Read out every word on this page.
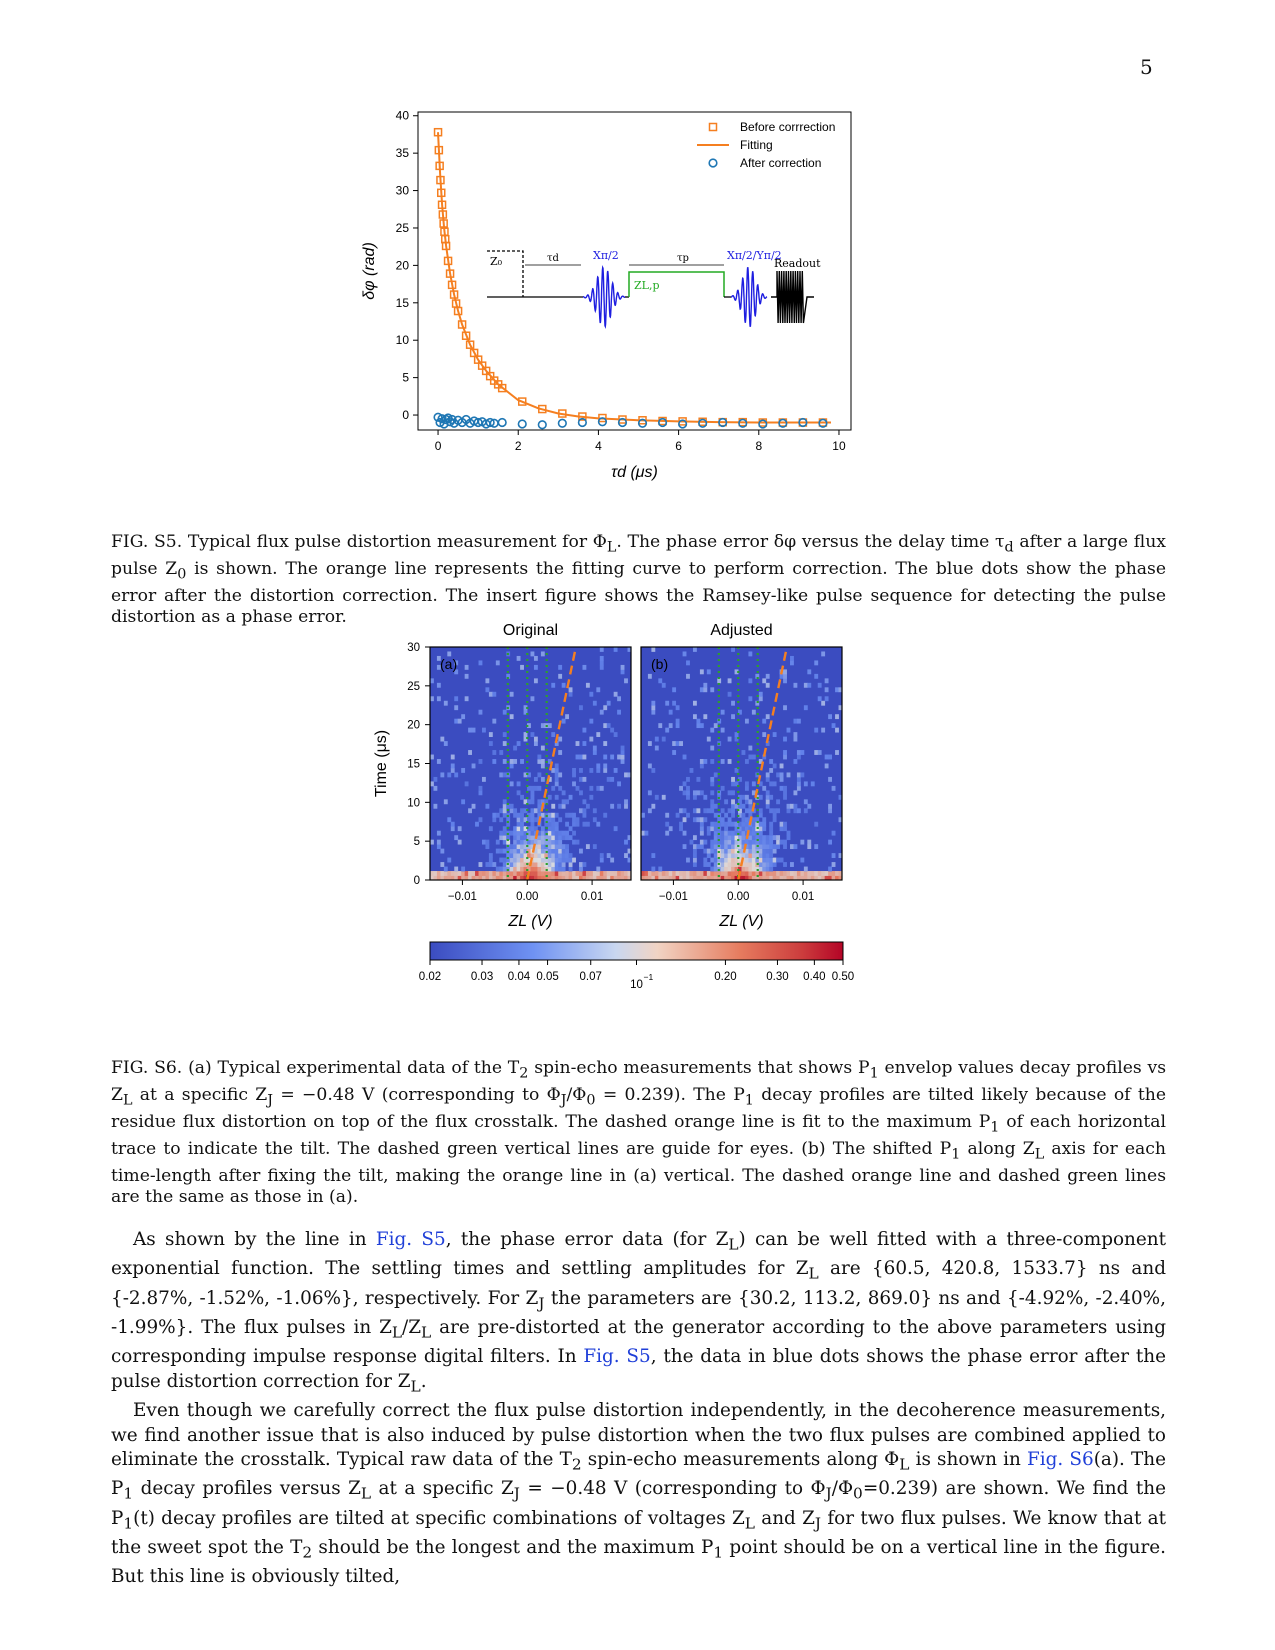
5
0	2	4	6	8	10
0
5
10
15
20
25
30
35
40
τd (μs)
δφ (rad)
Before corrrection
Fitting
After correction
Z₀	τd	Xπ/2
ZL,p
τp	Xπ/2/Yπ/2
Readout

FIG. S5. Typical flux pulse distortion measurement for $\Phi_L$. The phase error δφ versus the delay time $\tau_d$ after a large flux pulse $Z_0$ is shown. The orange line represents the fitting curve to perform correction. The blue dots show the phase error after the distortion correction. The insert figure shows the Ramsey-like pulse sequence for detecting the pulse distortion as a phase error.

(a)
Original
(b)
Adjusted
−0.01	0.00	0.01
ZL (V)
0
5
10
15
20
25
30
Time (μs)
−0.01	0.00	0.01
ZL (V)
0.02	0.03 0.04 0.05 0.07
10
0.20	0.30 0.40 0.50
−1

FIG. S6. (a) Typical experimental data of the $T_2$ spin-echo measurements that shows $P_1$ envelop values decay profiles vs $Z_L$ at a specific $Z_J = -0.48$ V (corresponding to $\Phi_J/\Phi_0 = 0.239$). The $P_1$ decay profiles are tilted likely because of the residue flux distortion on top of the flux crosstalk. The dashed orange line is fit to the maximum $P_1$ of each horizontal trace to indicate the tilt. The dashed green vertical lines are guide for eyes. (b) The shifted $P_1$ along $Z_L$ axis for each time-length after fixing the tilt, making the orange line in (a) vertical. The dashed orange line and dashed green lines are the same as those in (a).

As shown by the line in Fig. S5, the phase error data (for $Z_L$) can be well fitted with a three-component exponential function. The settling times and settling amplitudes for $Z_L$ are {60.5, 420.8, 1533.7} ns and {-2.87%, -1.52%, -1.06%}, respectively. For $Z_J$ the parameters are {30.2, 113.2, 869.0} ns and {-4.92%, -2.40%, -1.99%}. The flux pulses in $Z_L/Z_L$ are pre-distorted at the generator according to the above parameters using corresponding impulse response digital filters. In Fig. S5, the data in blue dots shows the phase error after the pulse distortion correction for $Z_L$.

Even though we carefully correct the flux pulse distortion independently, in the decoherence measurements, we find another issue that is also induced by pulse distortion when the two flux pulses are combined applied to eliminate the crosstalk. Typical raw data of the $T_2$ spin-echo measurements along $\Phi_L$ is shown in Fig. S6(a). The $P_1$ decay profiles versus $Z_L$ at a specific $Z_J = -0.48$ V (corresponding to $\Phi_J/\Phi_0=0.239$) are shown. We find the $P_1(t)$ decay profiles are tilted at specific combinations of voltages $Z_L$ and $Z_J$ for two flux pulses. We know that at the sweet spot the $T_2$ should be the longest and the maximum $P_1$ point should be on a vertical line in the figure. But this line is obviously tilted,
